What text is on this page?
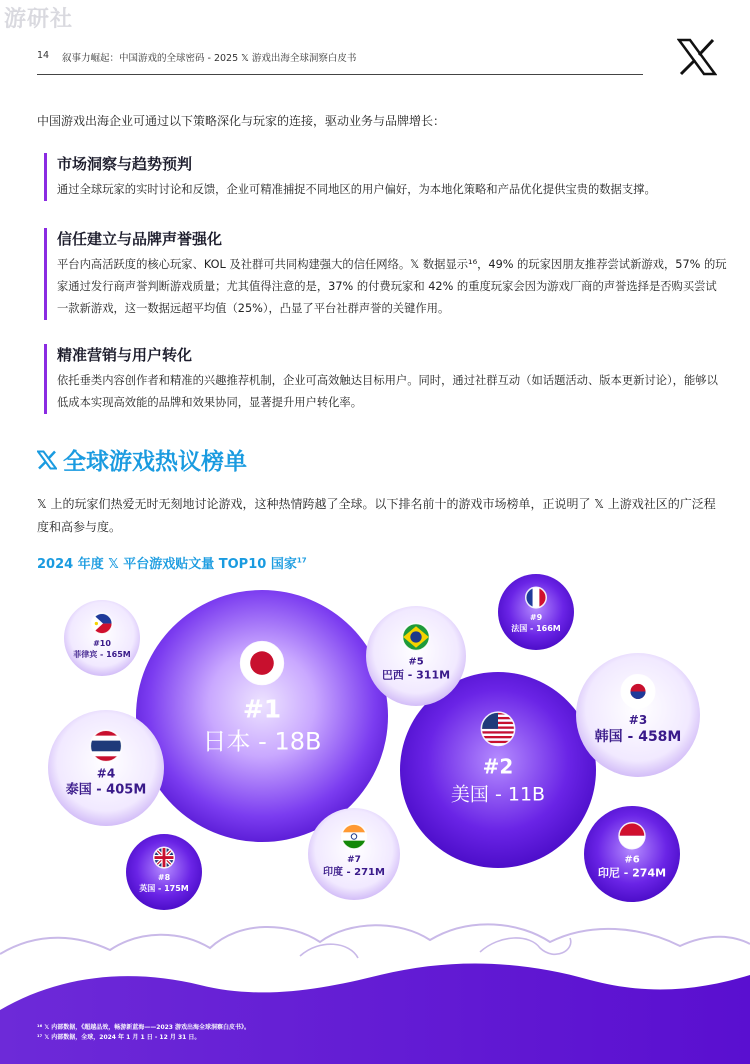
游研社
14 叙事力崛起：中国游戏的全球密码 - 2025 𝕏 游戏出海全球洞察白皮书
中国游戏出海企业可通过以下策略深化与玩家的连接，驱动业务与品牌增长：
市场洞察与趋势预判

通过全球玩家的实时讨论和反馈，企业可精准捕捉不同地区的用户偏好，为本地化策略和产品优化提供宝贵的数据支撑。

信任建立与品牌声誉强化

平台内高活跃度的核心玩家、KOL 及社群可共同构建强大的信任网络。𝕏 数据显示¹⁶，49% 的玩家因朋友推荐尝试新游戏，57% 的玩家通过发行商声誉判断游戏质量；尤其值得注意的是，37% 的付费玩家和 42% 的重度玩家会因为游戏厂商的声誉选择是否购买尝试一款新游戏，这一数据远超平均值（25%），凸显了平台社群声誉的关键作用。

精准营销与用户转化

依托垂类内容创作者和精准的兴趣推荐机制，企业可高效触达目标用户。同时，通过社群互动（如话题活动、版本更新讨论），能够以低成本实现高效能的品牌和效果协同，显著提升用户转化率。

全球游戏热议榜单

𝕏 上的玩家们热爱无时无刻地讨论游戏，这种热情跨越了全球。以下排名前十的游戏市场榜单，正说明了 𝕏 上游戏社区的广泛程度和高参与度。

2024 年度 𝕏 平台游戏贴文量 TOP10 国家$^{17}$
#1
日本 - 18B
#2
美国 - 11B
#3
韩国 - 458M
#4
泰国 - 405M
#5
巴西 - 311M
#6
印尼 - 274M
#7
印度 - 271M
#8
英国 - 175M
#9
法国 - 166M
#10
菲律宾 - 165M
¹⁶ 𝕏 内部数据，《超越品效，畅游新蓝海——2023 游戏出海全球洞察白皮书》。
¹⁷ 𝕏 内部数据，全球，2024 年 1 月 1 日 - 12 月 31 日。
